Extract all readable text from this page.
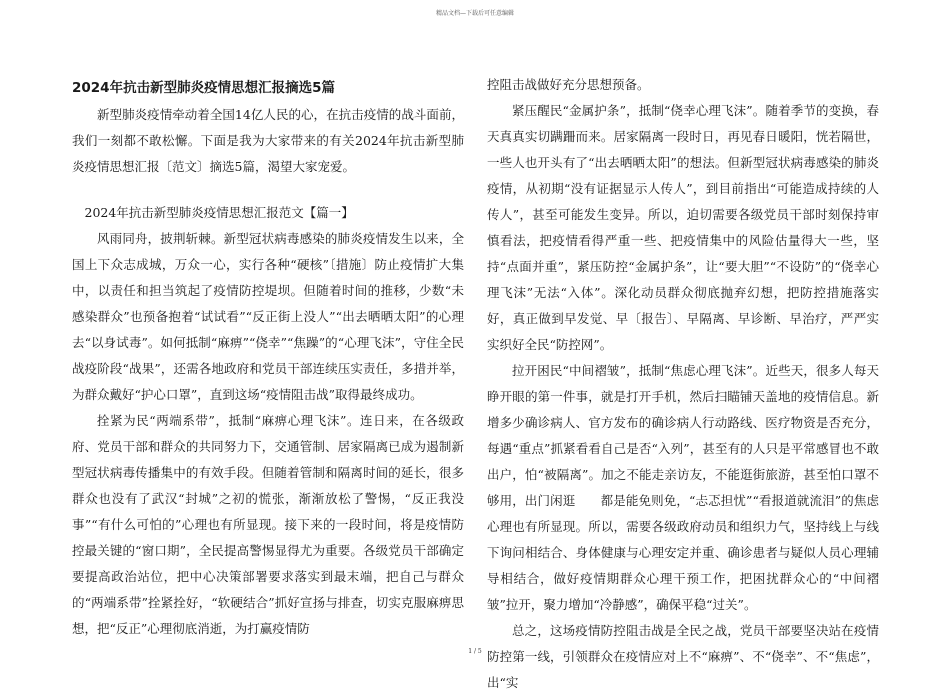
精品文档—下载后可任意编辑
2024年抗击新型肺炎疫情思想汇报摘选5篇

新型肺炎疫情牵动着全国14亿人民的心，在抗击疫情的战斗面前，我们一刻都不敢松懈。下面是我为大家带来的有关2024年抗击新型肺炎疫情思想汇报〔范文〕摘选5篇，渴望大家宠爱。

2024年抗击新型肺炎疫情思想汇报范文【篇一】

风雨同舟，披荆斩棘。新型冠状病毒感染的肺炎疫情发生以来，全国上下众志成城，万众一心，实行各种“硬核”〔措施〕防止疫情扩大集中，以责任和担当筑起了疫情防控堤坝。但随着时间的推移，少数“未感染群众”也预备抱着“试试看”“反正街上没人”“出去晒晒太阳”的心理去“以身试毒”。如何抵制“麻痹”“侥幸”“焦躁”的“心理飞沫”，守住全民战疫阶段“战果”，还需各地政府和党员干部连续压实责任，多措并举，为群众戴好“护心口罩”，直到这场“疫情阻击战”取得最终成功。

拴紧为民“两端系带”，抵制“麻痹心理飞沫”。连日来，在各级政府、党员干部和群众的共同努力下，交通管制、居家隔离已成为遏制新型冠状病毒传播集中的有效手段。但随着管制和隔离时间的延长，很多群众也没有了武汉“封城”之初的慌张，渐渐放松了警惕，“反正我没事”“有什么可怕的”心理也有所显现。接下来的一段时间，将是疫情防控最关键的“窗口期”，全民提高警惕显得尤为重要。各级党员干部确定要提高政治站位，把中心决策部署要求落实到最末端，把自己与群众的“两端系带”拴紧拴好，“软硬结合”抓好宣扬与排查，切实克服麻痹思想，把“反正”心理彻底消逝，为打赢疫情防

控阻击战做好充分思想预备。

紧压醒民“金属护条”，抵制“侥幸心理飞沫”。随着季节的变换，春天真真实切蹒跚而来。居家隔离一段时日，再见春日暖阳，恍若隔世，一些人也开头有了“出去晒晒太阳”的想法。但新型冠状病毒感染的肺炎疫情，从初期“没有证据显示人传人”，到目前指出“可能造成持续的人传人”，甚至可能发生变异。所以，迫切需要各级党员干部时刻保持审慎看法，把疫情看得严重一些、把疫情集中的风险估量得大一些，坚持“点面并重”，紧压防控“金属护条”，让“要大胆”“不设防”的“侥幸心理飞沫”无法“入体”。深化动员群众彻底抛弃幻想，把防控措施落实好，真正做到早发觉、早〔报告〕、早隔离、早诊断、早治疗，严严实实织好全民“防控网”。

拉开困民“中间褶皱”，抵制“焦虑心理飞沫”。近些天，很多人每天睁开眼的第一件事，就是打开手机，然后扫瞄铺天盖地的疫情信息。新增多少确诊病人、官方发布的确诊病人行动路线、医疗物资是否充分，每遇“重点”抓紧看看自己是否“入列”，甚至有的人只是平常感冒也不敢出户，怕“被隔离”。加之不能走亲访友，不能逛街旅游，甚至怕口罩不够用，出门闲逛　　都是能免则免，“忐忑担忧”“看报道就流泪”的焦虑心理也有所显现。所以，需要各级政府动员和组织力气，坚持线上与线下询问相结合、身体健康与心理安定并重、确诊患者与疑似人员心理辅导相结合，做好疫情期群众心理干预工作，把困扰群众心的“中间褶皱”拉开，聚力增加“冷静感”，确保平稳“过关”。

总之，这场疫情防控阻击战是全民之战，党员干部要坚决站在疫情防控第一线，引领群众在疫情应对上不“麻痹”、不“侥幸”、不“焦虑”，出“实

1 / 5
